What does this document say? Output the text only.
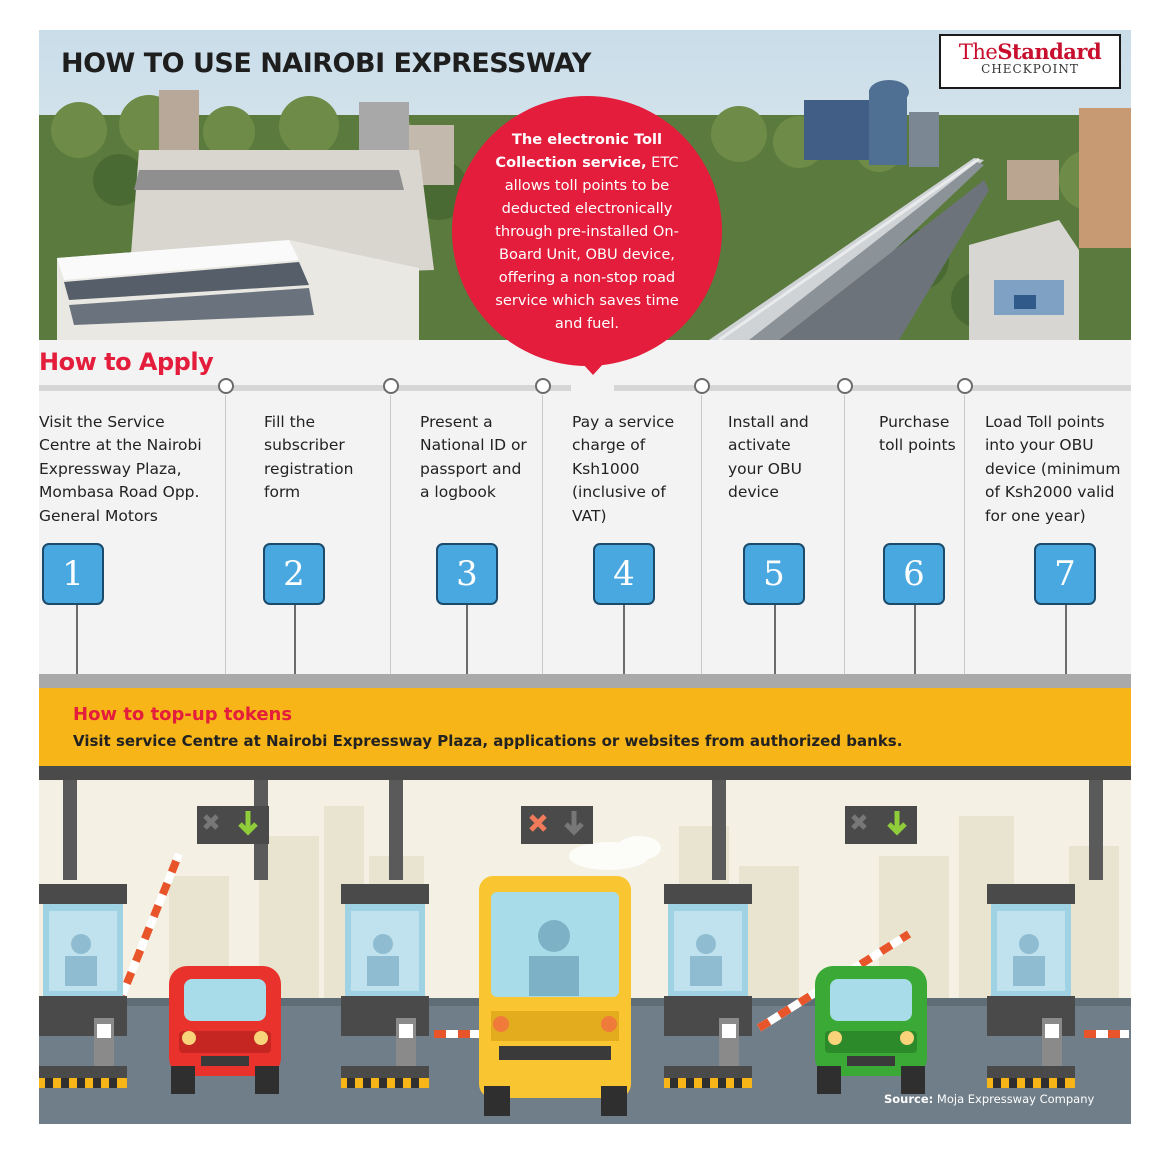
HOW TO USE NAIROBI EXPRESSWAY	TheStandard
CHECKPOINT

The electronic Toll Collection service, ETC allows toll points to be deducted electronically through pre-installed On-Board Unit, OBU device, offering a non-stop road service which saves time and fuel.

How to Apply

Visit the Service Centre at the Nairobi Expressway Plaza, Mombasa Road Opp. General Motors

Fill the subscriber registration form

Present a National ID or passport and a logbook

Pay a service charge of Ksh1000 (inclusive of VAT)

Install and activate your OBU device

Purchase toll points

Load Toll points into your OBU device (minimum of Ksh2000 valid for one year)

1	2	3	4	5	6	7
How to top-up tokens

Visit service Centre at Nairobi Expressway Plaza, applications or websites from authorized banks.

Source: Moja Expressway Company
